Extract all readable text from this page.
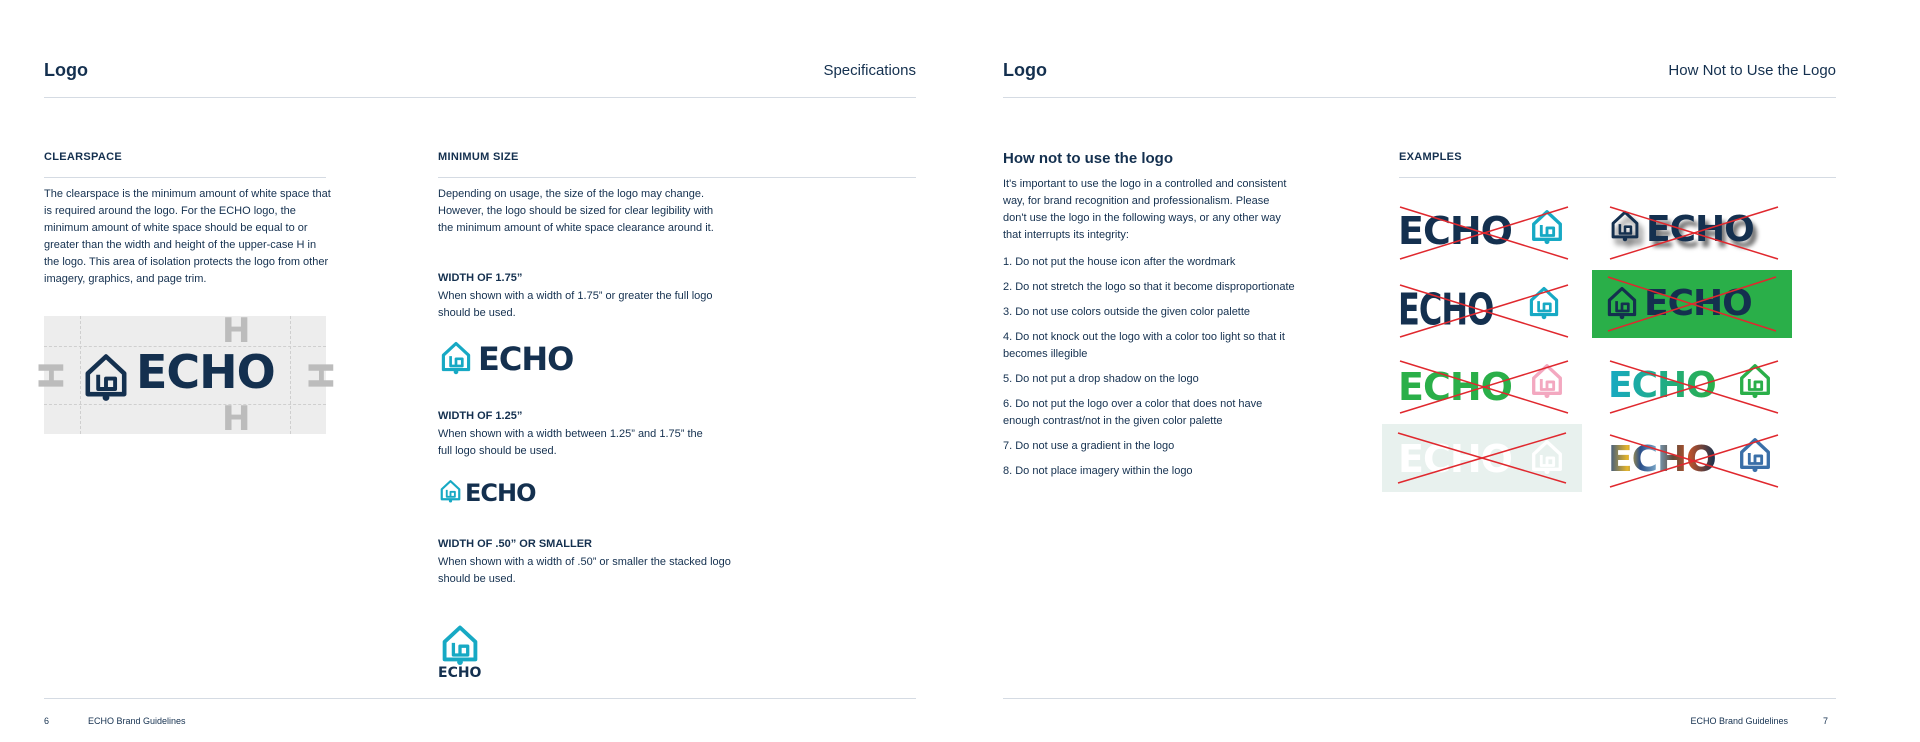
Logo	Specifications
CLEARSPACE
The clearspace is the minimum amount of white space that is required around the logo. For the ECHO logo, the minimum amount of white space should be equal to or greater than the width and height of the upper-case H in the logo. This area of isolation protects the logo from other imagery, graphics, and page trim.
H
H
H	H
ECHO
MINIMUM SIZE
Depending on usage, the size of the logo may change. However, the logo should be sized for clear legibility with the minimum amount of white space clearance around it.
WIDTH OF 1.75”
When shown with a width of 1.75” or greater the full logo should be used.
ECHO
WIDTH OF 1.25”
When shown with a width between 1.25” and 1.75” the full logo should be used.
ECHO
WIDTH OF .50” OR SMALLER
When shown with a width of .50” or smaller the stacked logo should be used.
ECHO
6	ECHO Brand Guidelines
Logo	How Not to Use the Logo
How not to use the logo
It's important to use the logo in a controlled and consistent way, for brand recognition and professionalism. Please don't use the logo in the following ways, or any other way that interrupts its integrity:
1. Do not put the house icon after the wordmark
2. Do not stretch the logo so that it become disproportionate
3. Do not use colors outside the given color palette
4. Do not knock out the logo with a color too light so that it becomes illegible
5. Do not put a drop shadow on the logo
6. Do not put the logo over a color that does not have enough contrast/not in the given color palette
7. Do not use a gradient in the logo
8. Do not place imagery within the logo
EXAMPLES
ECHO	ECHO
ECHO	ECHO
ECHO	ECHO
ECHO	ECHO
ECHO Brand Guidelines	7
